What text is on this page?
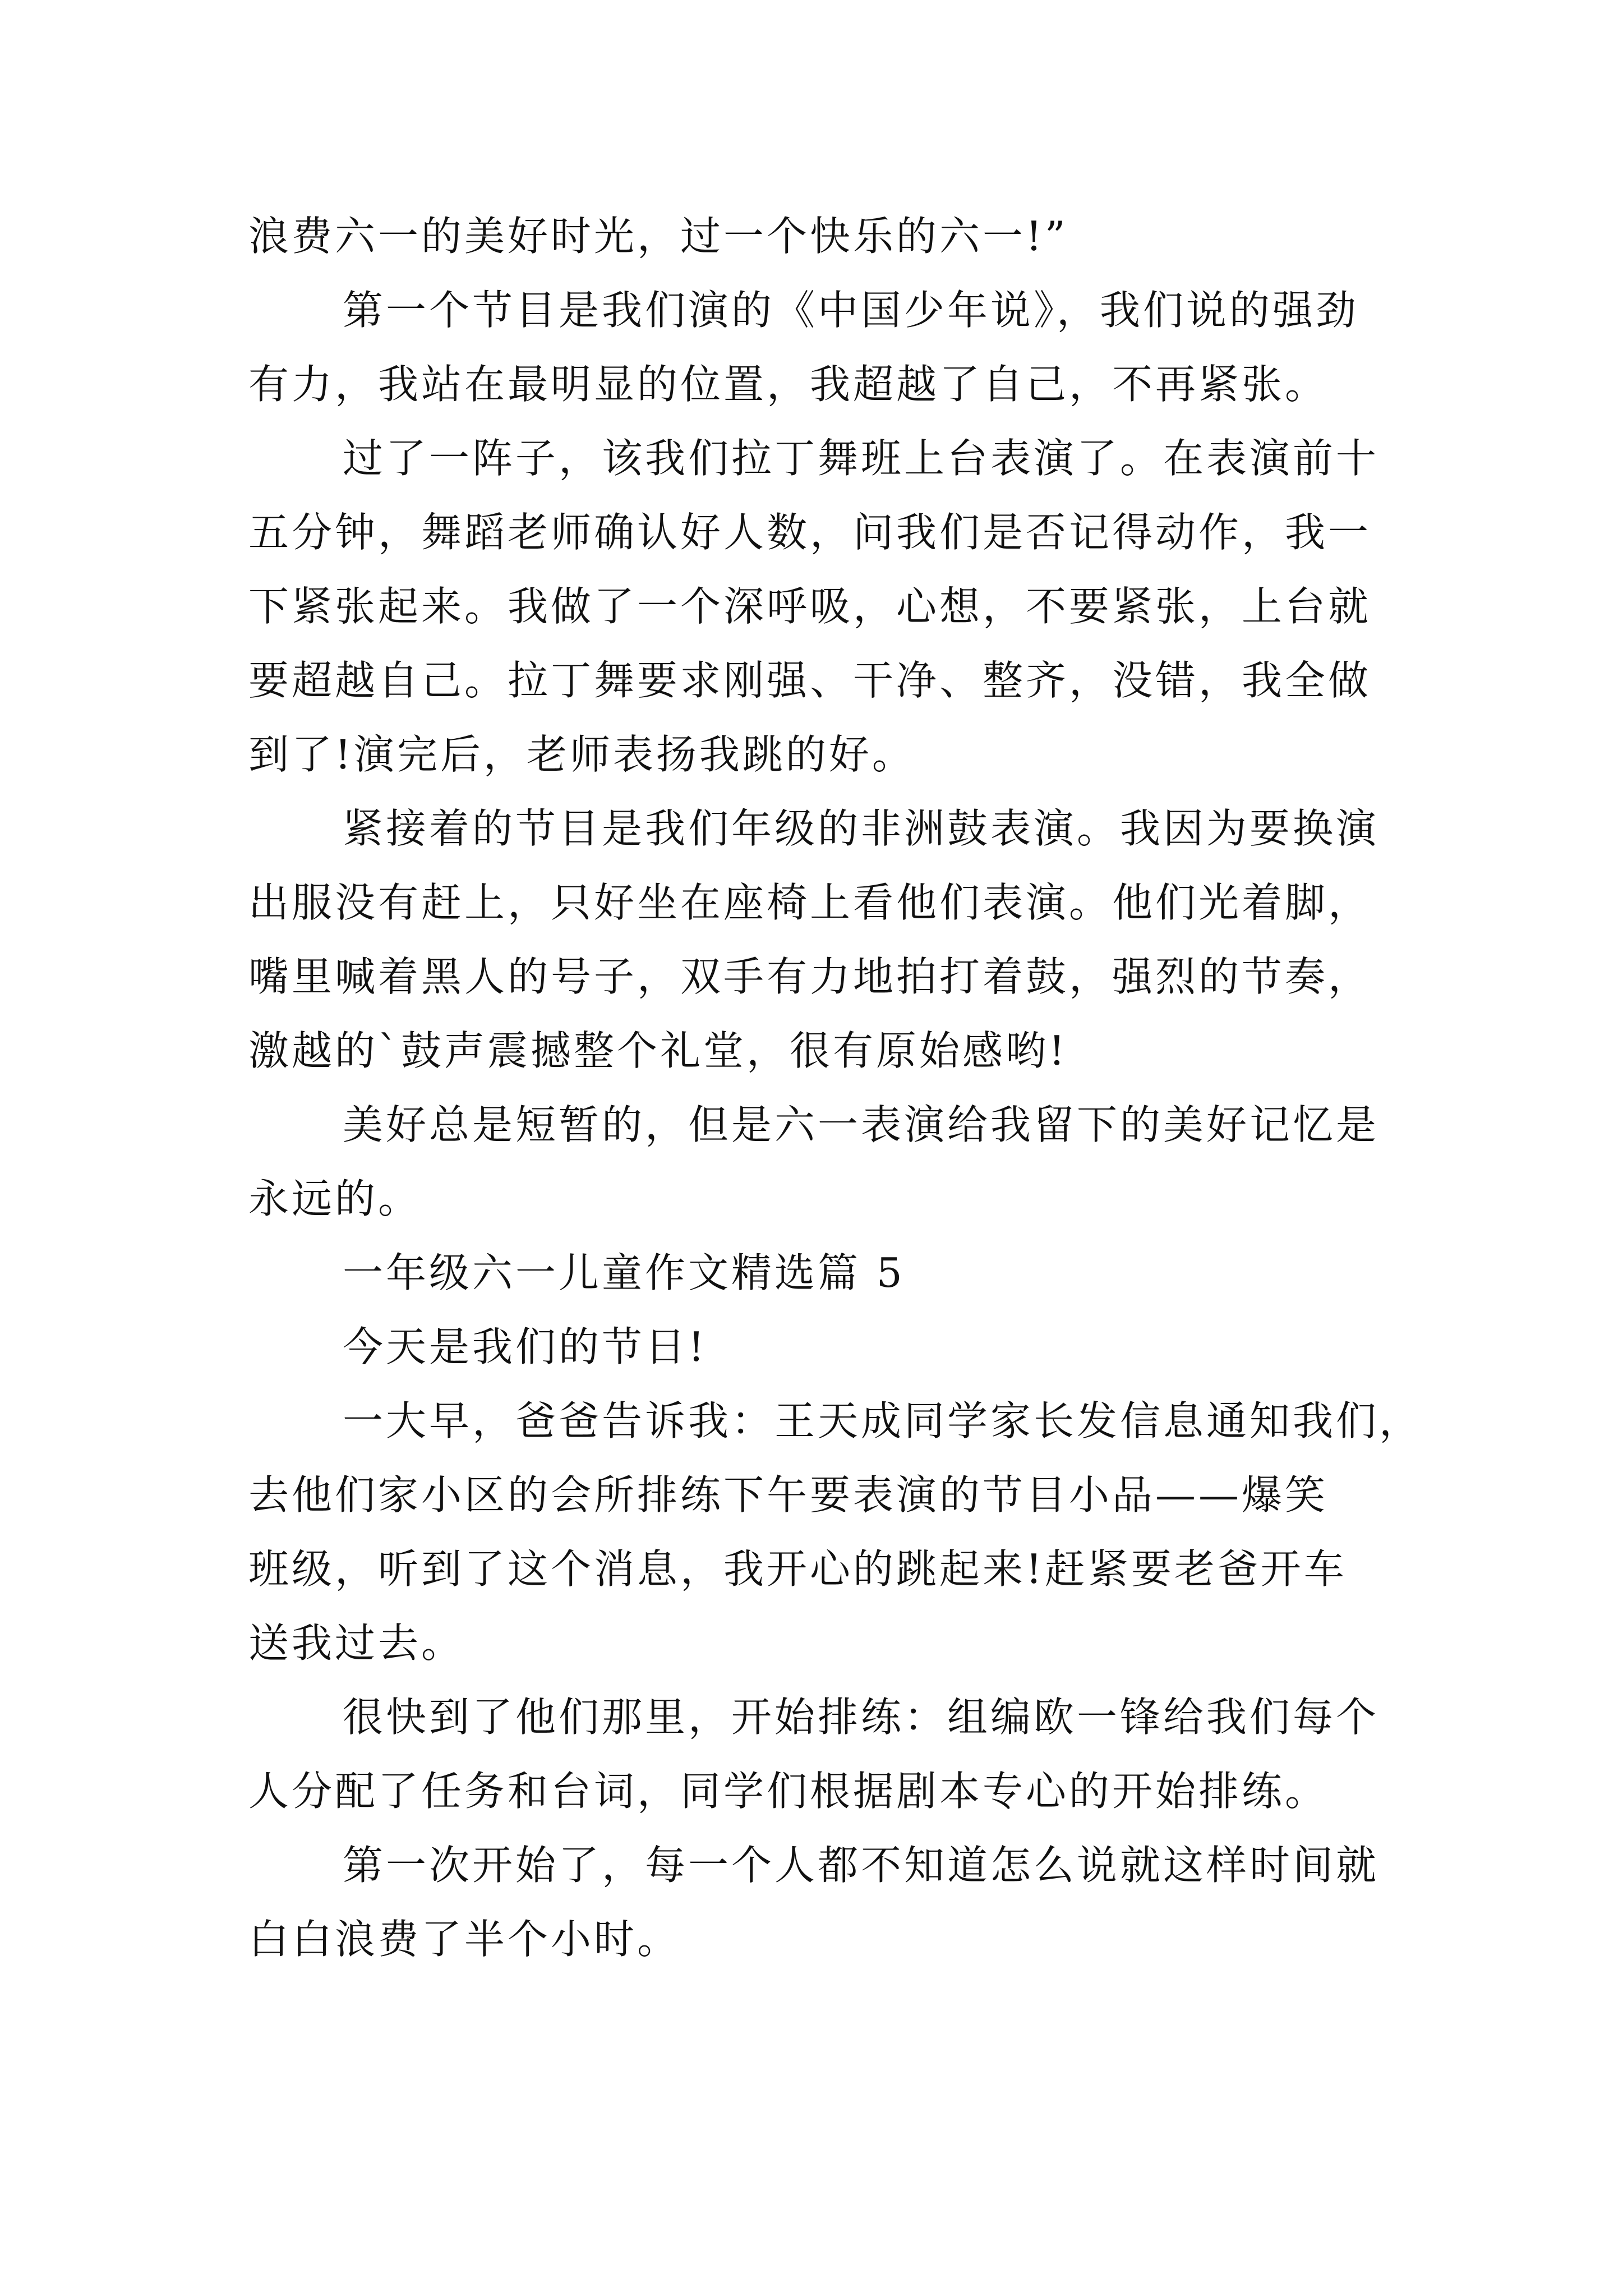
浪费六一的美好时光，过一个快乐的六一!”
第一个节目是我们演的《中国少年说》，我们说的强劲
有力，我站在最明显的位置，我超越了自己，不再紧张。
过了一阵子，该我们拉丁舞班上台表演了。在表演前十
五分钟，舞蹈老师确认好人数，问我们是否记得动作，我一
下紧张起来。我做了一个深呼吸，心想，不要紧张，上台就
要超越自己。拉丁舞要求刚强、干净、整齐，没错，我全做
到了!演完后，老师表扬我跳的好。
紧接着的节目是我们年级的非洲鼓表演。我因为要换演
出服没有赶上，只好坐在座椅上看他们表演。他们光着脚，
嘴里喊着黑人的号子，双手有力地拍打着鼓，强烈的节奏，
激越的`鼓声震撼整个礼堂，很有原始感哟!
美好总是短暂的，但是六一表演给我留下的美好记忆是
永远的。
一年级六一儿童作文精选篇 5
今天是我们的节日!
一大早，爸爸告诉我：王天成同学家长发信息通知我们，
去他们家小区的会所排练下午要表演的节目小品——爆笑
班级，听到了这个消息，我开心的跳起来!赶紧要老爸开车
送我过去。
很快到了他们那里，开始排练：组编欧一锋给我们每个
人分配了任务和台词，同学们根据剧本专心的开始排练。
第一次开始了，每一个人都不知道怎么说就这样时间就
白白浪费了半个小时。
